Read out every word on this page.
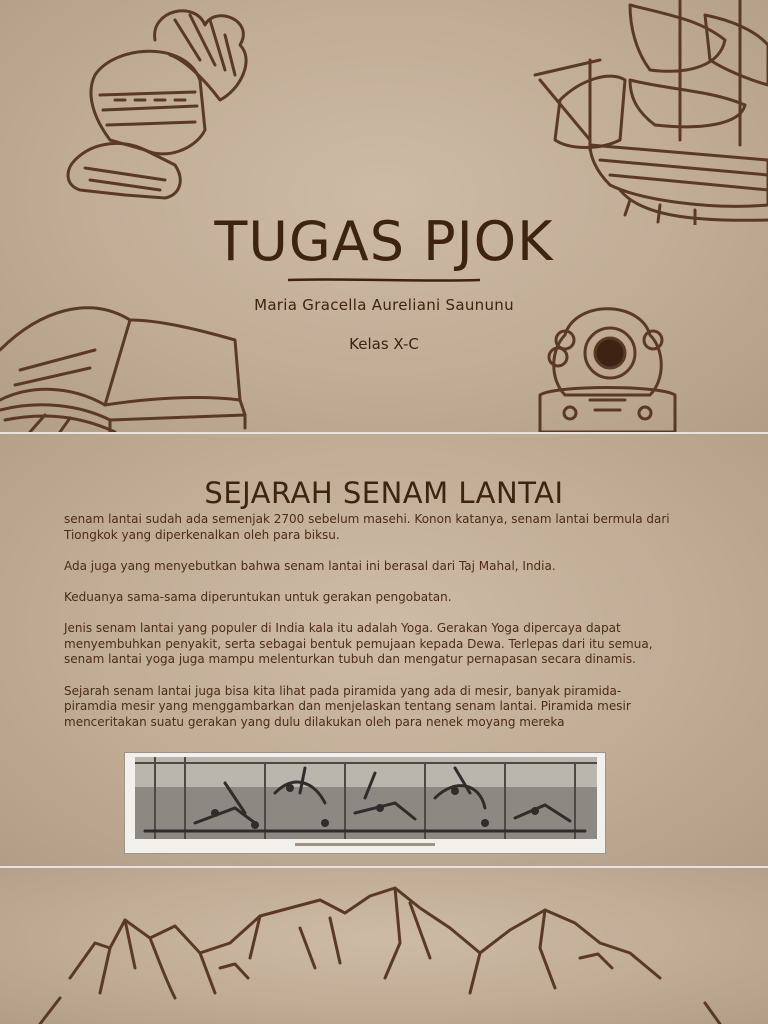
TUGAS PJOK
Maria Gracella Aureliani Saununu
Kelas X-C
SEJARAH SENAM LANTAI

senam lantai sudah ada semenjak 2700 sebelum masehi. Konon katanya, senam lantai bermula dari Tiongkok yang diperkenalkan oleh para biksu.

Ada juga yang menyebutkan bahwa senam lantai ini berasal dari Taj Mahal, India.

Keduanya sama-sama diperuntukan untuk gerakan pengobatan.

Jenis senam lantai yang populer di India kala itu adalah Yoga. Gerakan Yoga dipercaya dapat menyembuhkan penyakit, serta sebagai bentuk pemujaan kepada Dewa. Terlepas dari itu semua, senam lantai yoga juga mampu melenturkan tubuh dan mengatur pernapasan secara dinamis.

Sejarah senam lantai juga bisa kita lihat pada piramida yang ada di mesir, banyak piramida-piramdia mesir yang menggambarkan dan menjelaskan tentang senam lantai. Piramida mesir menceritakan suatu gerakan yang dulu dilakukan oleh para nenek moyang mereka
